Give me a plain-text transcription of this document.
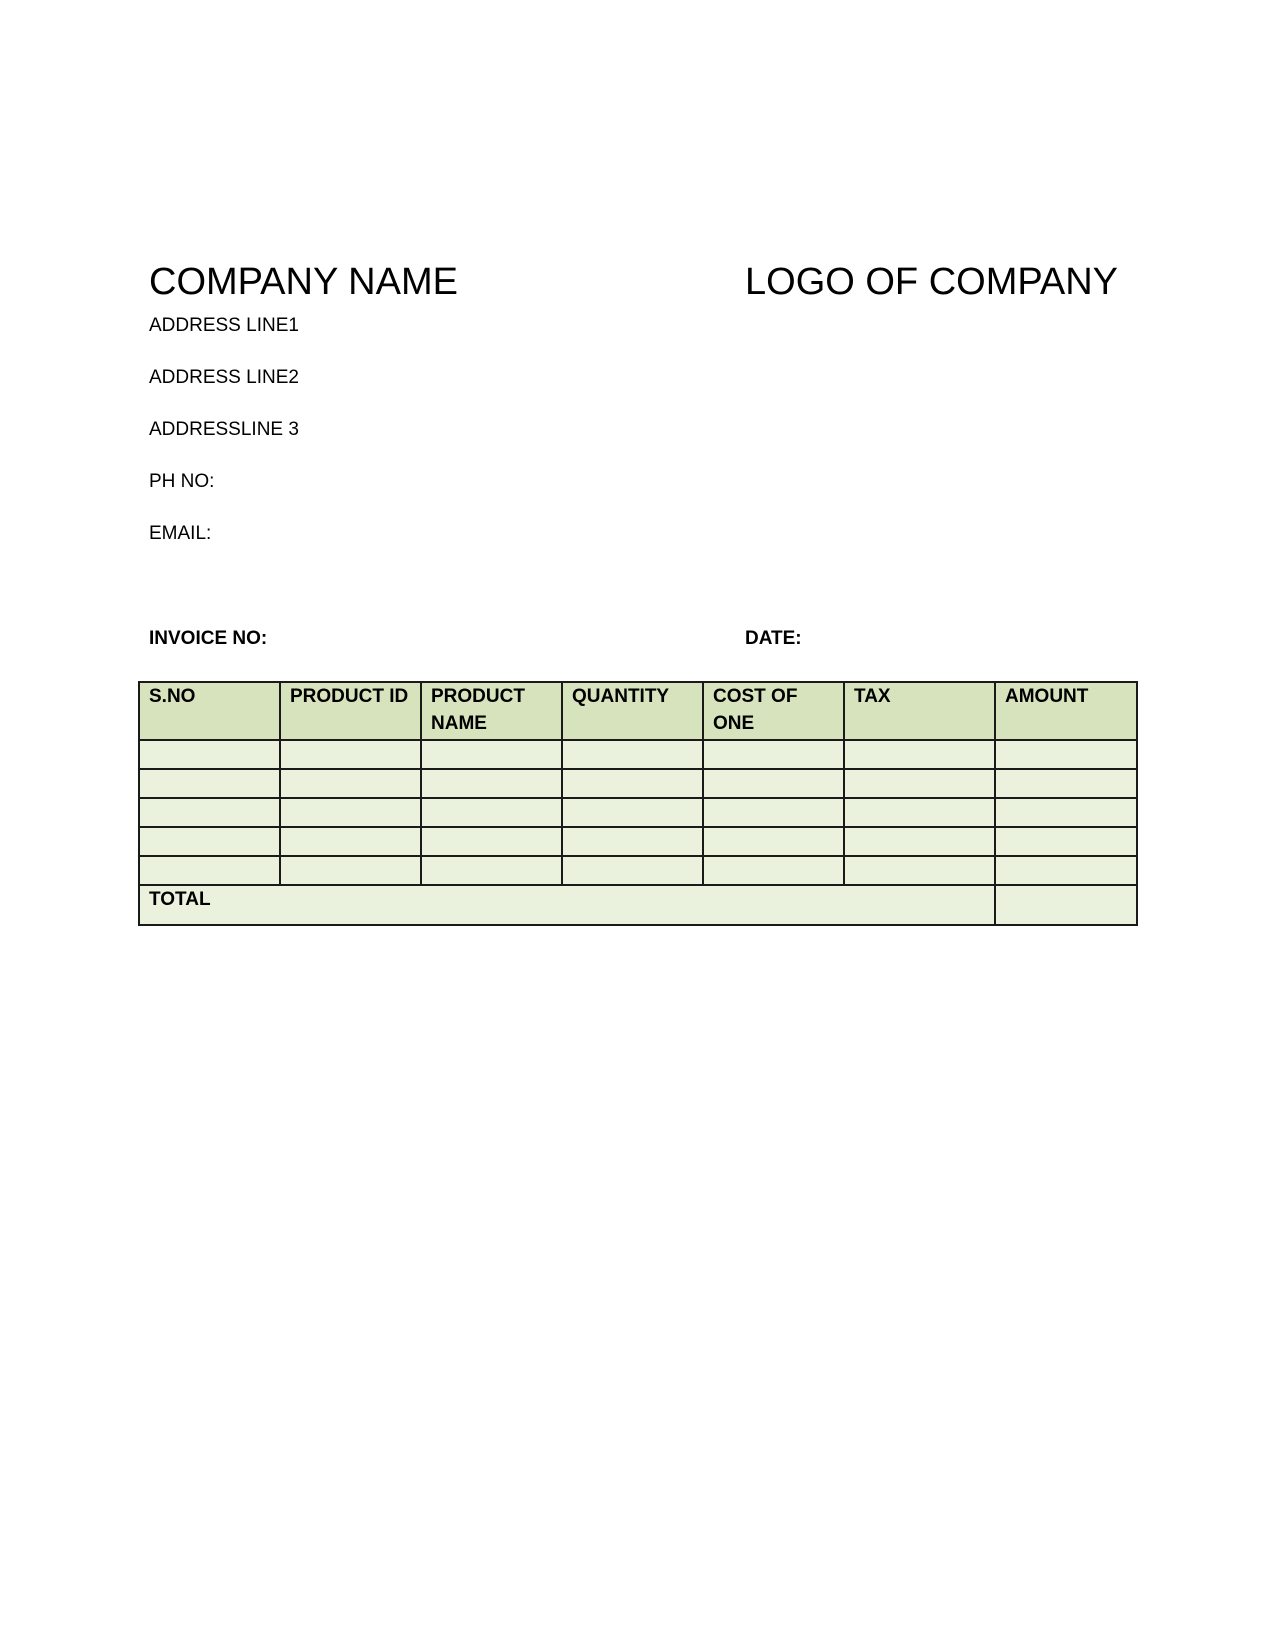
COMPANY NAME	LOGO OF COMPANY
ADDRESS LINE1
ADDRESS LINE2
ADDRESSLINE 3
PH NO:
EMAIL:
INVOICE NO:	DATE:
S.NO	PRODUCT ID	PRODUCT NAME	QUANTITY	COST OF ONE	TAX	AMOUNT

TOTAL						
